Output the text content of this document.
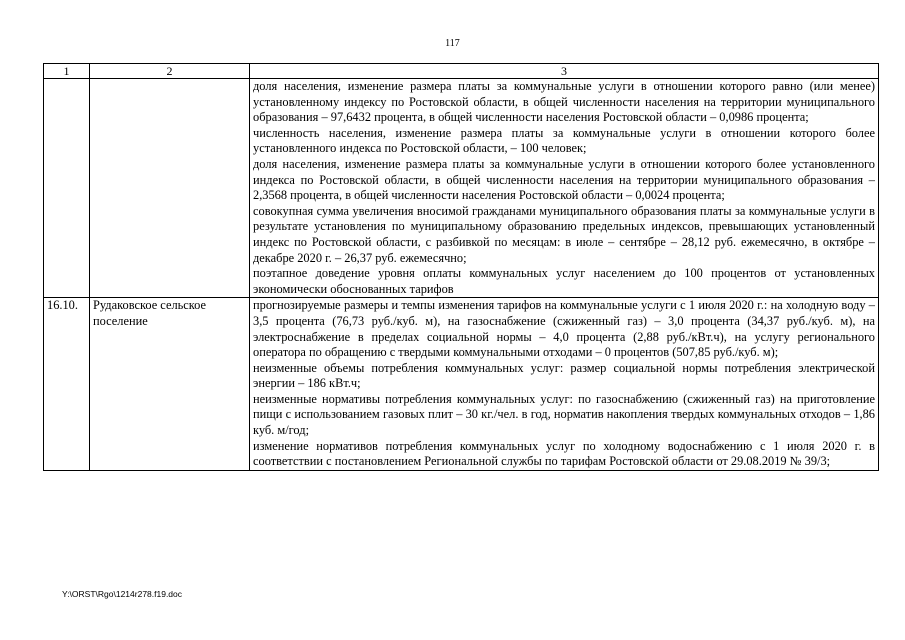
117
1	2	3

		доля населения, изменение размера платы за коммунальные услуги в отношении которого равно (или менее) установленному индексу по Ростовской области, в общей численности населения на территории муниципального образования – 97,6432 процента, в общей численности населения Ростовской области – 0,0986 процента;

численность населения, изменение размера платы за коммунальные услуги в отношении которого более установленного индекса по Ростовской области, – 100 человек;

доля населения, изменение размера платы за коммунальные услуги в отношении которого более установленного индекса по Ростовской области, в общей численности населения на территории муниципального образования – 2,3568 процента, в общей численности населения Ростовской области – 0,0024 процента;

совокупная сумма увеличения вносимой гражданами муниципального образования платы за коммунальные услуги в результате установления по муниципальному образованию предельных индексов, превышающих установленный индекс по Ростовской области, с разбивкой по месяцам: в июле – сентябре – 28,12 руб. ежемесячно, в октябре – декабре 2020 г. – 26,37 руб. ежемесячно;

поэтапное доведение уровня оплаты коммунальных услуг населением до 100 процентов от установленных экономически обоснованных тарифов

16.10.	Рудаковское сельское поселение	прогнозируемые размеры и темпы изменения тарифов на коммунальные услуги с 1 июля 2020 г.: на холодную воду – 3,5 процента (76,73 руб./куб. м), на газоснабжение (сжиженный газ) – 3,0 процента (34,37 руб./куб. м), на электроснабжение в пределах социальной нормы – 4,0 процента (2,88 руб./кВт.ч), на услугу регионального оператора по обращению с твердыми коммунальными отходами – 0 процентов (507,85 руб./куб. м);

неизменные объемы потребления коммунальных услуг: размер социальной нормы потребления электрической энергии – 186 кВт.ч;

неизменные нормативы потребления коммунальных услуг: по газоснабжению (сжиженный газ) на приготовление пищи с использованием газовых плит – 30 кг./чел. в год, норматив накопления твердых коммунальных отходов – 1,86 куб. м/год;

изменение нормативов потребления коммунальных услуг по холодному водоснабжению с 1 июля 2020 г. в соответствии с постановлением Региональной службы по тарифам Ростовской области от 29.08.2019 № 39/3;

Y:\ORST\Rgo\1214r278.f19.doc
